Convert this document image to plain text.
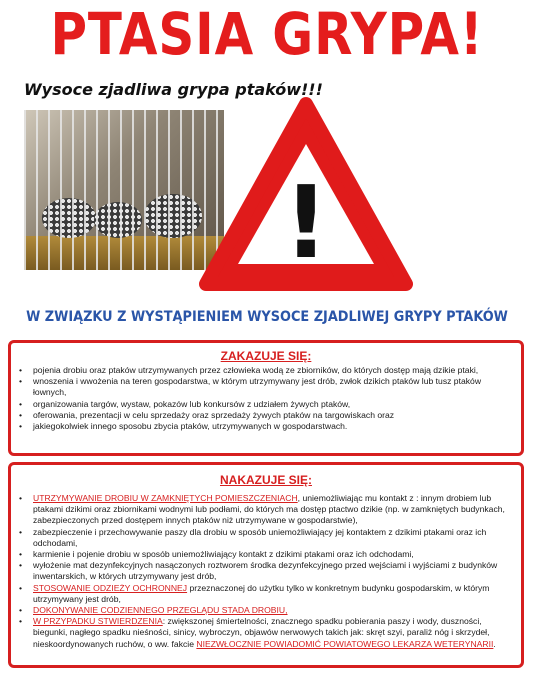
PTASIA GRYPA!
Wysoce zjadliwa grypa ptaków!!!
!
W ZWIĄZKU Z WYSTĄPIENIEM WYSOCE ZJADLIWEJ GRYPY PTAKÓW
ZAKAZUJE SIĘ:
• pojenia drobiu oraz ptaków utrzymywanych przez człowieka wodą ze zbiorników, do których dostęp mają dzikie ptaki,
• wnoszenia i wwożenia na teren gospodarstwa, w którym utrzymywany jest drób, zwłok dzikich ptaków lub tusz ptaków łownych,
• organizowania targów, wystaw, pokazów lub konkursów z udziałem żywych ptaków,
• oferowania, prezentacji w celu sprzedaży oraz sprzedaży żywych ptaków na targowiskach oraz
• jakiegokolwiek innego sposobu zbycia ptaków, utrzymywanych w gospodarstwach.
NAKAZUJE SIĘ:
• UTRZYMYWANIE DROBIU W ZAMKNIĘTYCH POMIESZCZENIACH, uniemożliwiając mu kontakt z : innym drobiem lub ptakami dzikimi oraz zbiornikami wodnymi lub podłami, do których ma dostęp ptactwo dzikie (np. w zamkniętych budynkach, zabezpieczonych przed dostępem innych ptaków niż utrzymywane w gospodarstwie),
• zabezpieczenie i przechowywanie paszy dla drobiu w sposób uniemożliwiający jej kontaktem z dzikimi ptakami oraz ich odchodami,
• karmienie i pojenie drobiu w sposób uniemożliwiający kontakt z dzikimi ptakami oraz ich odchodami,
• wyłożenie mat dezynfekcyjnych nasączonych roztworem środka dezynfekcyjnego przed wejściami i wyjściami z budynków inwentarskich, w których utrzymywany jest drób,
• STOSOWANIE ODZIEŻY OCHRONNEJ przeznaczonej do użytku tylko w konkretnym budynku gospodarskim, w którym utrzymywany jest drób,
• DOKONYWANIE CODZIENNEGO PRZEGLĄDU STADA DROBIU,
• W PRZYPADKU STWIERDZENIA: zwiększonej śmiertelności, znacznego spadku pobierania paszy i wody, duszności, biegunki, nagłego spadku nieśności, sinicy, wybroczyn, objawów nerwowych takich jak: skręt szyi, paraliż nóg i skrzydeł, nieskoordynowanych ruchów, o ww. fakcie NIEZWŁOCZNIE POWIADOMIĆ POWIATOWEGO LEKARZA WETERYNARII.
